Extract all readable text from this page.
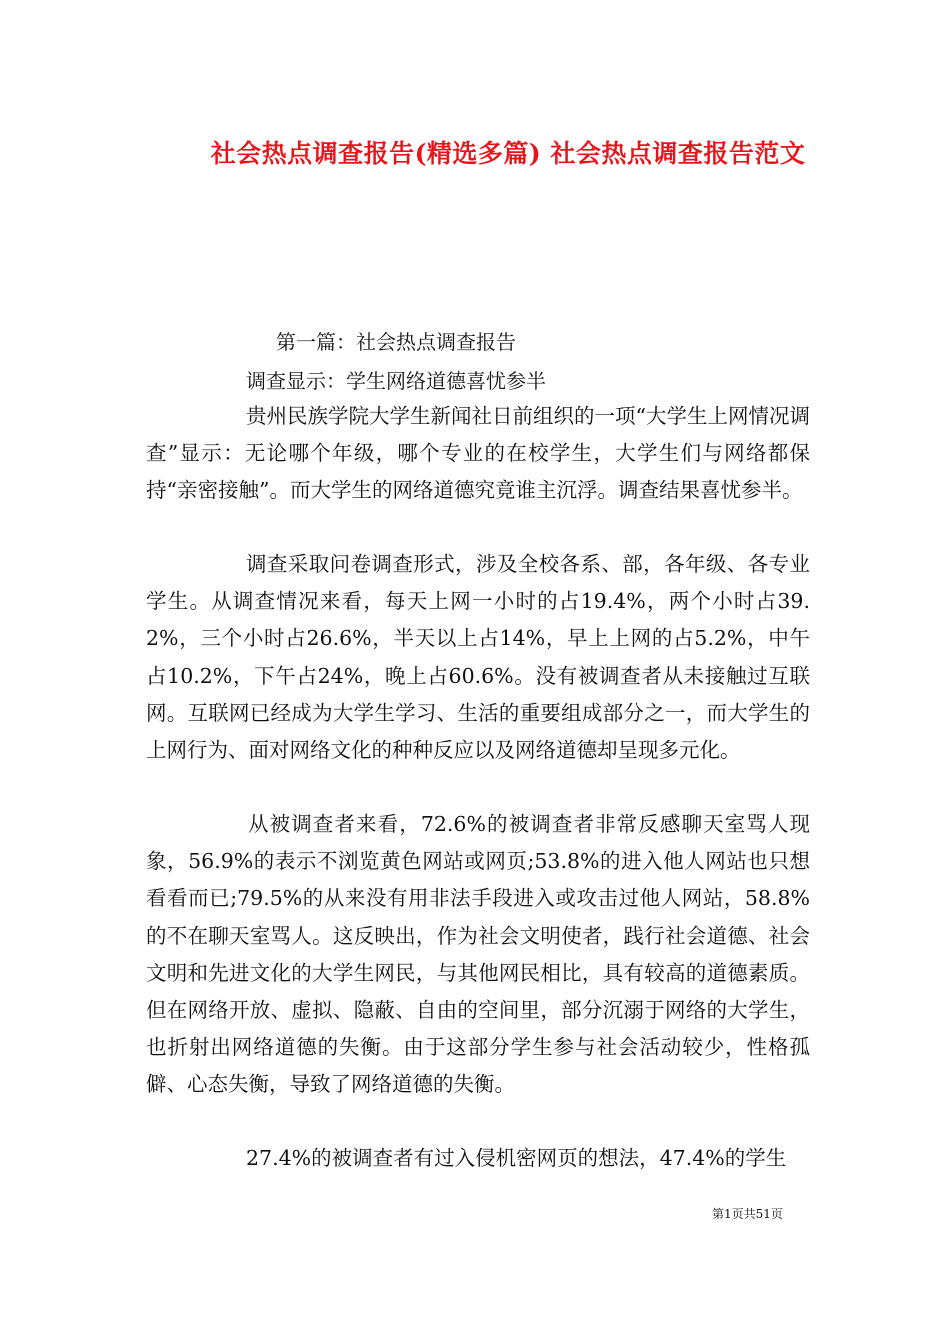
社会热点调查报告(精选多篇) 社会热点调查报告范文
第一篇：社会热点调查报告
调查显示：学生网络道德喜忧参半
贵州民族学院大学生新闻社日前组织的一项“大学生上网情况调查”显示：无论哪个年级，哪个专业的在校学生，大学生们与网络都保持“亲密接触”。而大学生的网络道德究竟谁主沉浮。调查结果喜忧参半。
调查采取问卷调查形式，涉及全校各系、部，各年级、各专业学生。从调查情况来看，每天上网一小时的占19.4%，两个小时占39.2%，三个小时占26.6%，半天以上占14%，早上上网的占5.2%，中午占10.2%，下午占24%，晚上占60.6%。没有被调查者从未接触过互联网。互联网已经成为大学生学习、生活的重要组成部分之一，而大学生的上网行为、面对网络文化的种种反应以及网络道德却呈现多元化。
从被调查者来看，72.6%的被调查者非常反感聊天室骂人现象，56.9%的表示不浏览黄色网站或网页;53.8%的进入他人网站也只想看看而已;79.5%的从来没有用非法手段进入或攻击过他人网站，58.8%的不在聊天室骂人。这反映出，作为社会文明使者，践行社会道德、社会文明和先进文化的大学生网民，与其他网民相比，具有较高的道德素质。但在网络开放、虚拟、隐蔽、自由的空间里，部分沉溺于网络的大学生，也折射出网络道德的失衡。由于这部分学生参与社会活动较少，性格孤僻、心态失衡，导致了网络道德的失衡。
27.4%的被调查者有过入侵机密网页的想法，47.4%的学生
第1页共51页
